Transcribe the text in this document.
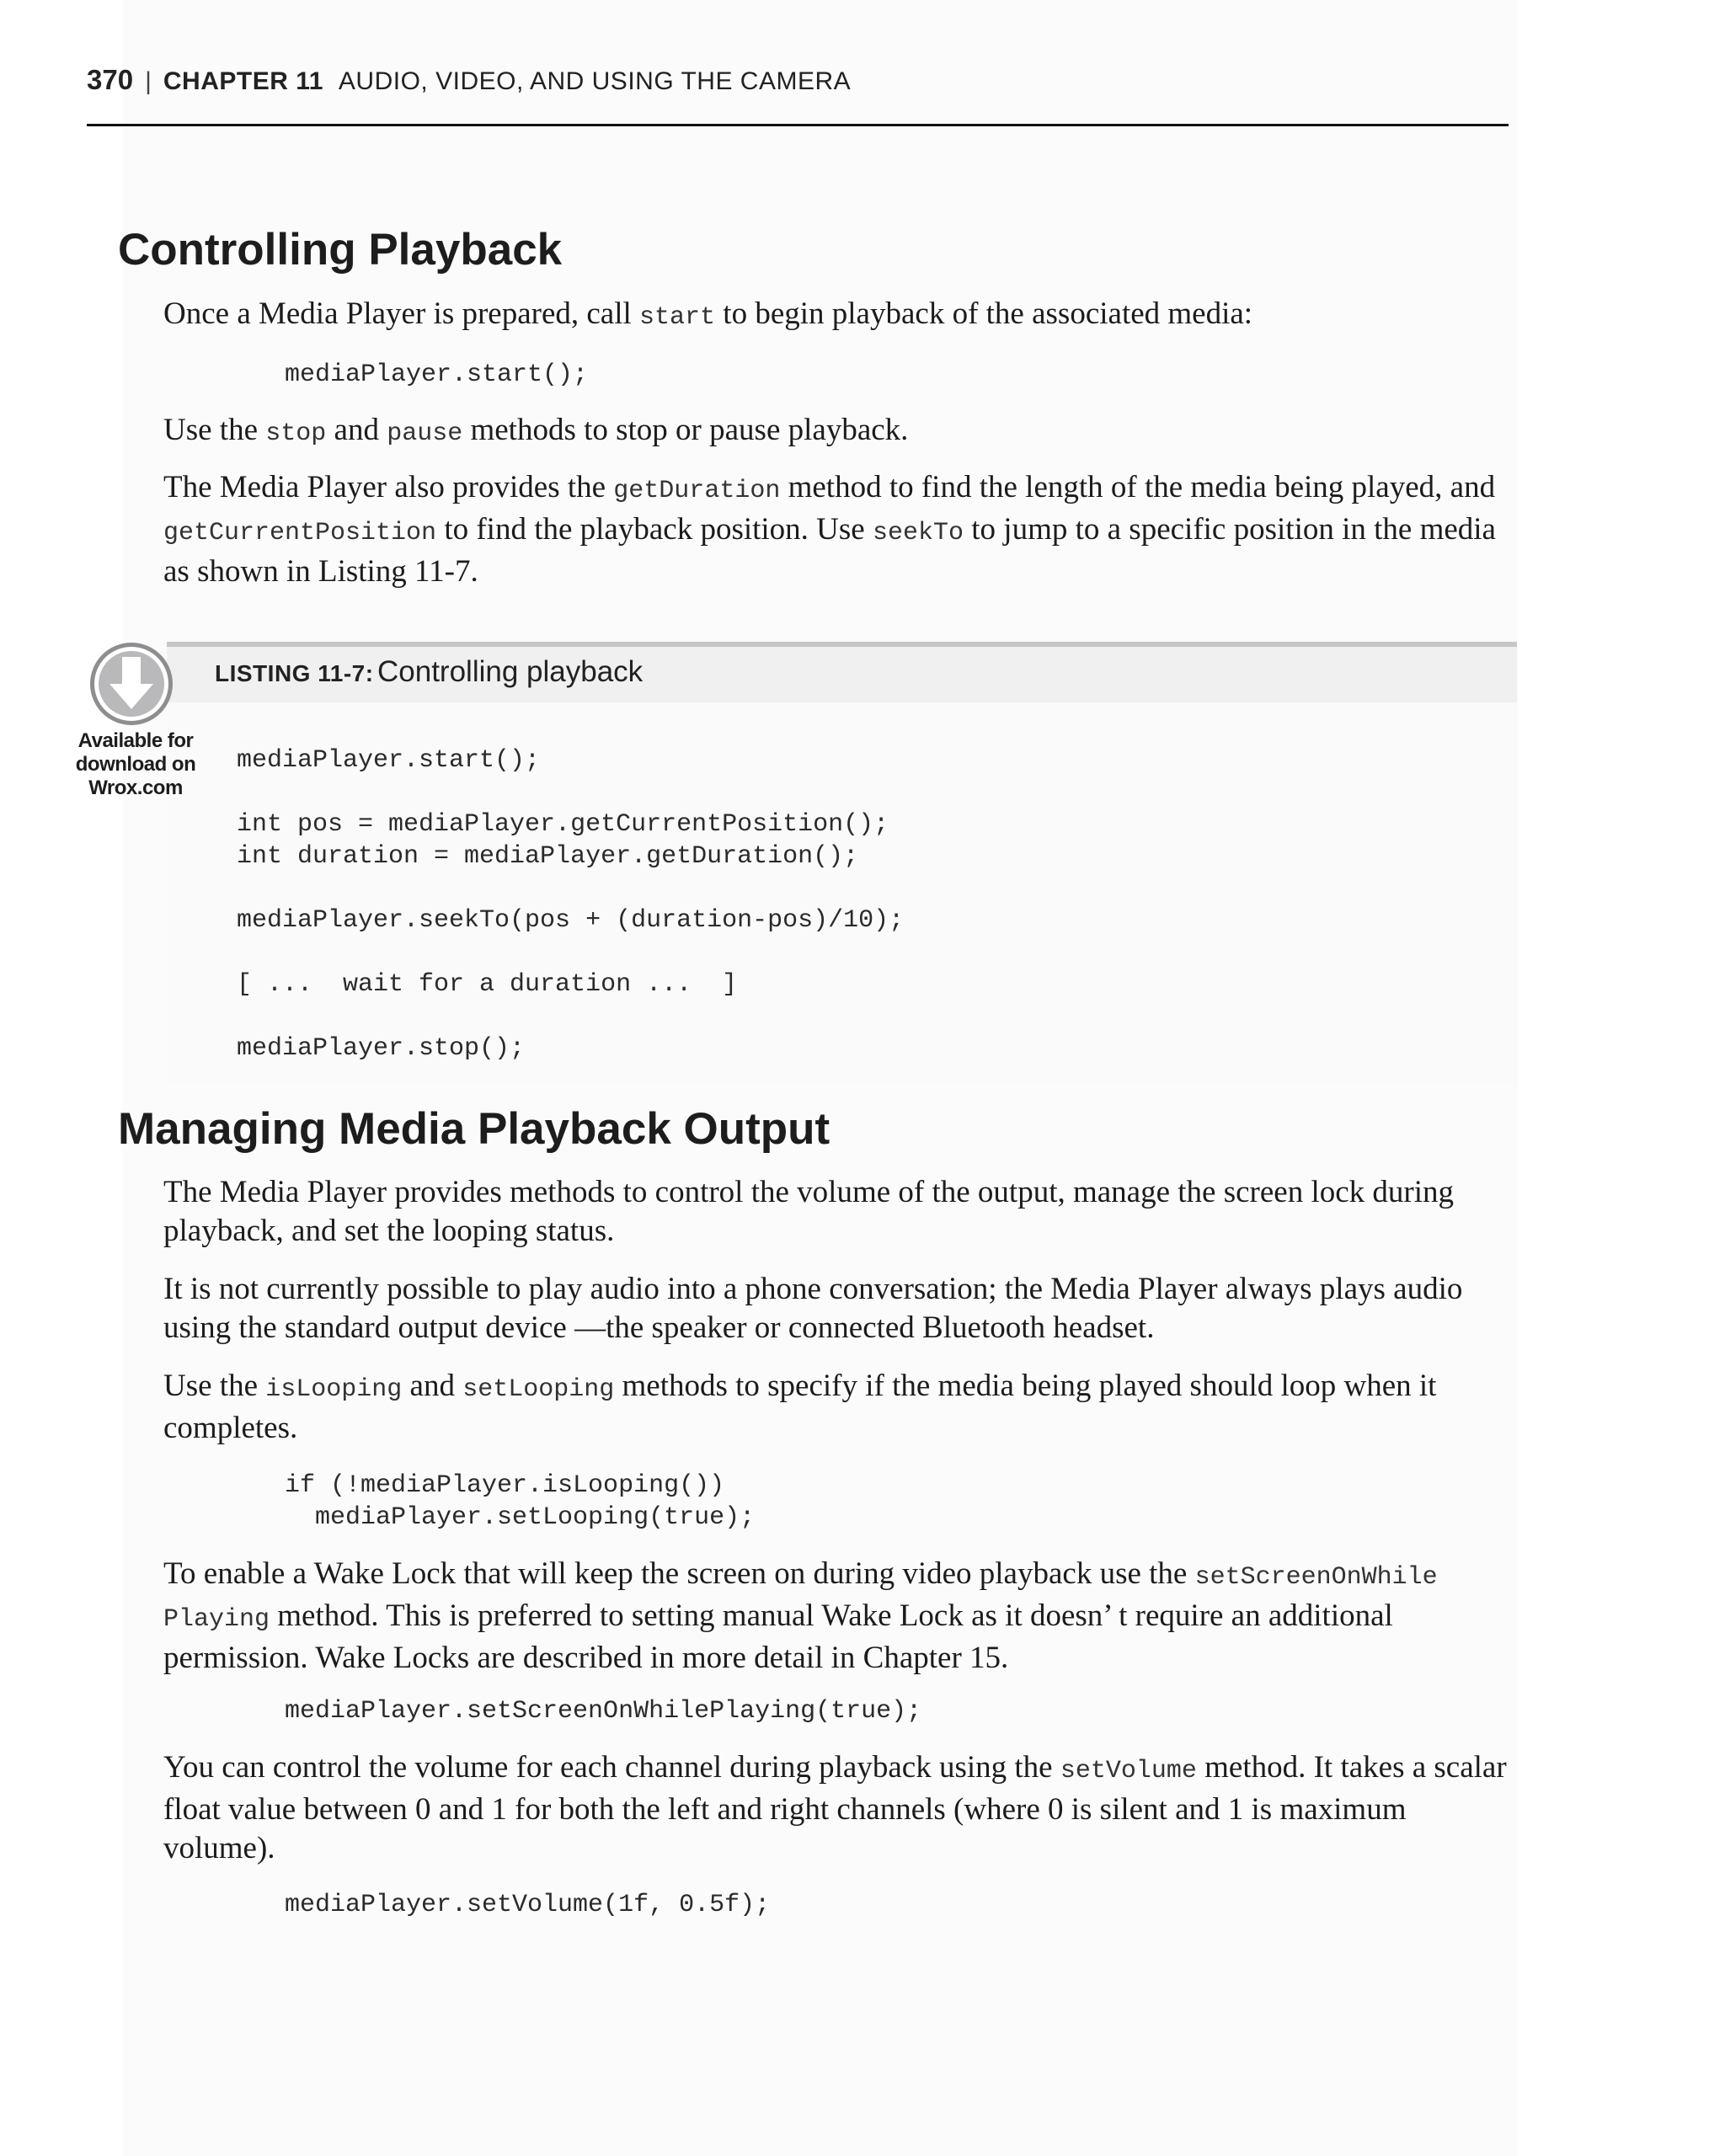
370 | CHAPTER 11 AUDIO, VIDEO, AND USING THE CAMERA
Controlling Playback

Once a Media Player is prepared, call start to begin playback of the associated media:

mediaPlayer.start();

Use the stop and pause methods to stop or pause playback.

The Media Player also provides the getDuration method to find the length of the media being played, and getCurrentPosition to find the playback position. Use seekTo to jump to a specific position in the media as shown in Listing 11-7.

LISTING 11-7: Controlling playback
Available for
download on
Wrox.com
mediaPlayer.start();

int pos = mediaPlayer.getCurrentPosition();
int duration = mediaPlayer.getDuration();

mediaPlayer.seekTo(pos + (duration-pos)/10);

[ ...  wait for a duration ...  ]

mediaPlayer.stop();
Managing Media Playback Output

The Media Player provides methods to control the volume of the output, manage the screen lock during playback, and set the looping status.

It is not currently possible to play audio into a phone conversation; the Media Player always plays audio using the standard output device —the speaker or connected Bluetooth headset.

Use the isLooping and setLooping methods to specify if the media being played should loop when it completes.

if (!mediaPlayer.isLooping())
mediaPlayer.setLooping(true);

To enable a Wake Lock that will keep the screen on during video playback use the setScreenOnWhile
Playing method. This is preferred to setting manual Wake Lock as it doesn’ t require an additional permission. Wake Locks are described in more detail in Chapter 15.

mediaPlayer.setScreenOnWhilePlaying(true);

You can control the volume for each channel during playback using the setVolume method. It takes a scalar float value between 0 and 1 for both the left and right channels (where 0 is silent and 1 is maximum volume).

mediaPlayer.setVolume(1f, 0.5f);
